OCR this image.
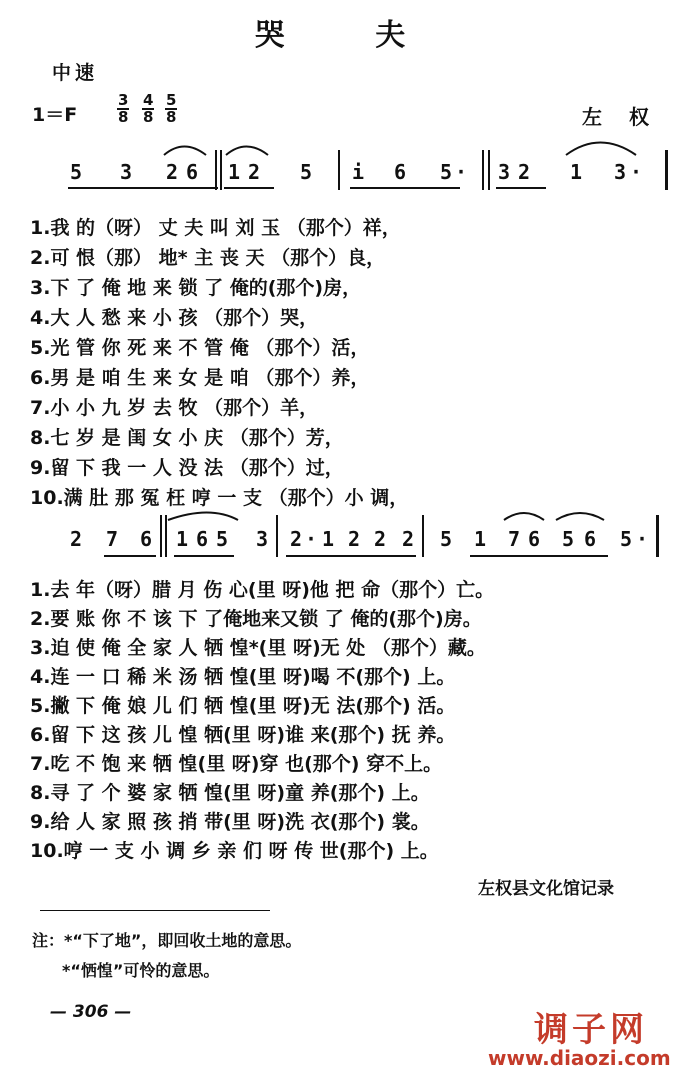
哭 夫
中速
1＝F
3
8
4
8
5
8	左 权
5 3 2 6 1 2 5 i 6 5 3 2 1 3
·	·
1.我 的（呀） 丈 夫 叫 刘 玉 （那个）祥，
2.可 恨（那） 地* 主 丧 天 （那个）良，
3.下 了 俺 地 来 锁 了 俺的(那个)房，
4.大 人 愁 来 小 孩 （那个）哭，
5.光 管 你 死 来 不 管 俺 （那个）活，
6.男 是 咱 生 来 女 是 咱 （那个）养，
7.小 小 九 岁 去 牧 （那个）羊，
8.七 岁 是 闺 女 小 庆 （那个）芳，
9.留 下 我 一 人 没 法 （那个）过，
10.满 肚 那 冤 枉 哼 一 支 （那个）小 调，
2 7 6 1 6 5 3 2 1 2 2 2 5 1 7 6 5 6 5
·	·
1.去 年（呀）腊 月 伤 心(里 呀)他 把 命（那个）亡。
2.要 账 你 不 该 下 了俺地来又锁 了 俺的(那个)房。
3.迫 使 俺 全 家 人 牺 惶*(里 呀)无 处 （那个）藏。
4.连 一 口 稀 米 汤 牺 惶(里 呀)喝 不(那个) 上。
5.撇 下 俺 娘 儿 们 牺 惶(里 呀)无 法(那个) 活。
6.留 下 这 孩 儿 惶 牺(里 呀)谁 来(那个) 抚 养。
7.吃 不 饱 来 牺 惶(里 呀)穿 也(那个) 穿不上。
8.寻 了 个 婆 家 牺 惶(里 呀)童 养(那个) 上。
9.给 人 家 照 孩 捎 带(里 呀)洗 衣(那个) 裳。
10.哼 一 支 小 调 乡 亲 们 呀 传 世(那个) 上。
左权县文化馆记录
注：*“下了地”，即回收土地的意思。
*“恓惶”可怜的意思。
— 306 —	调子网
www.diaozi.com
